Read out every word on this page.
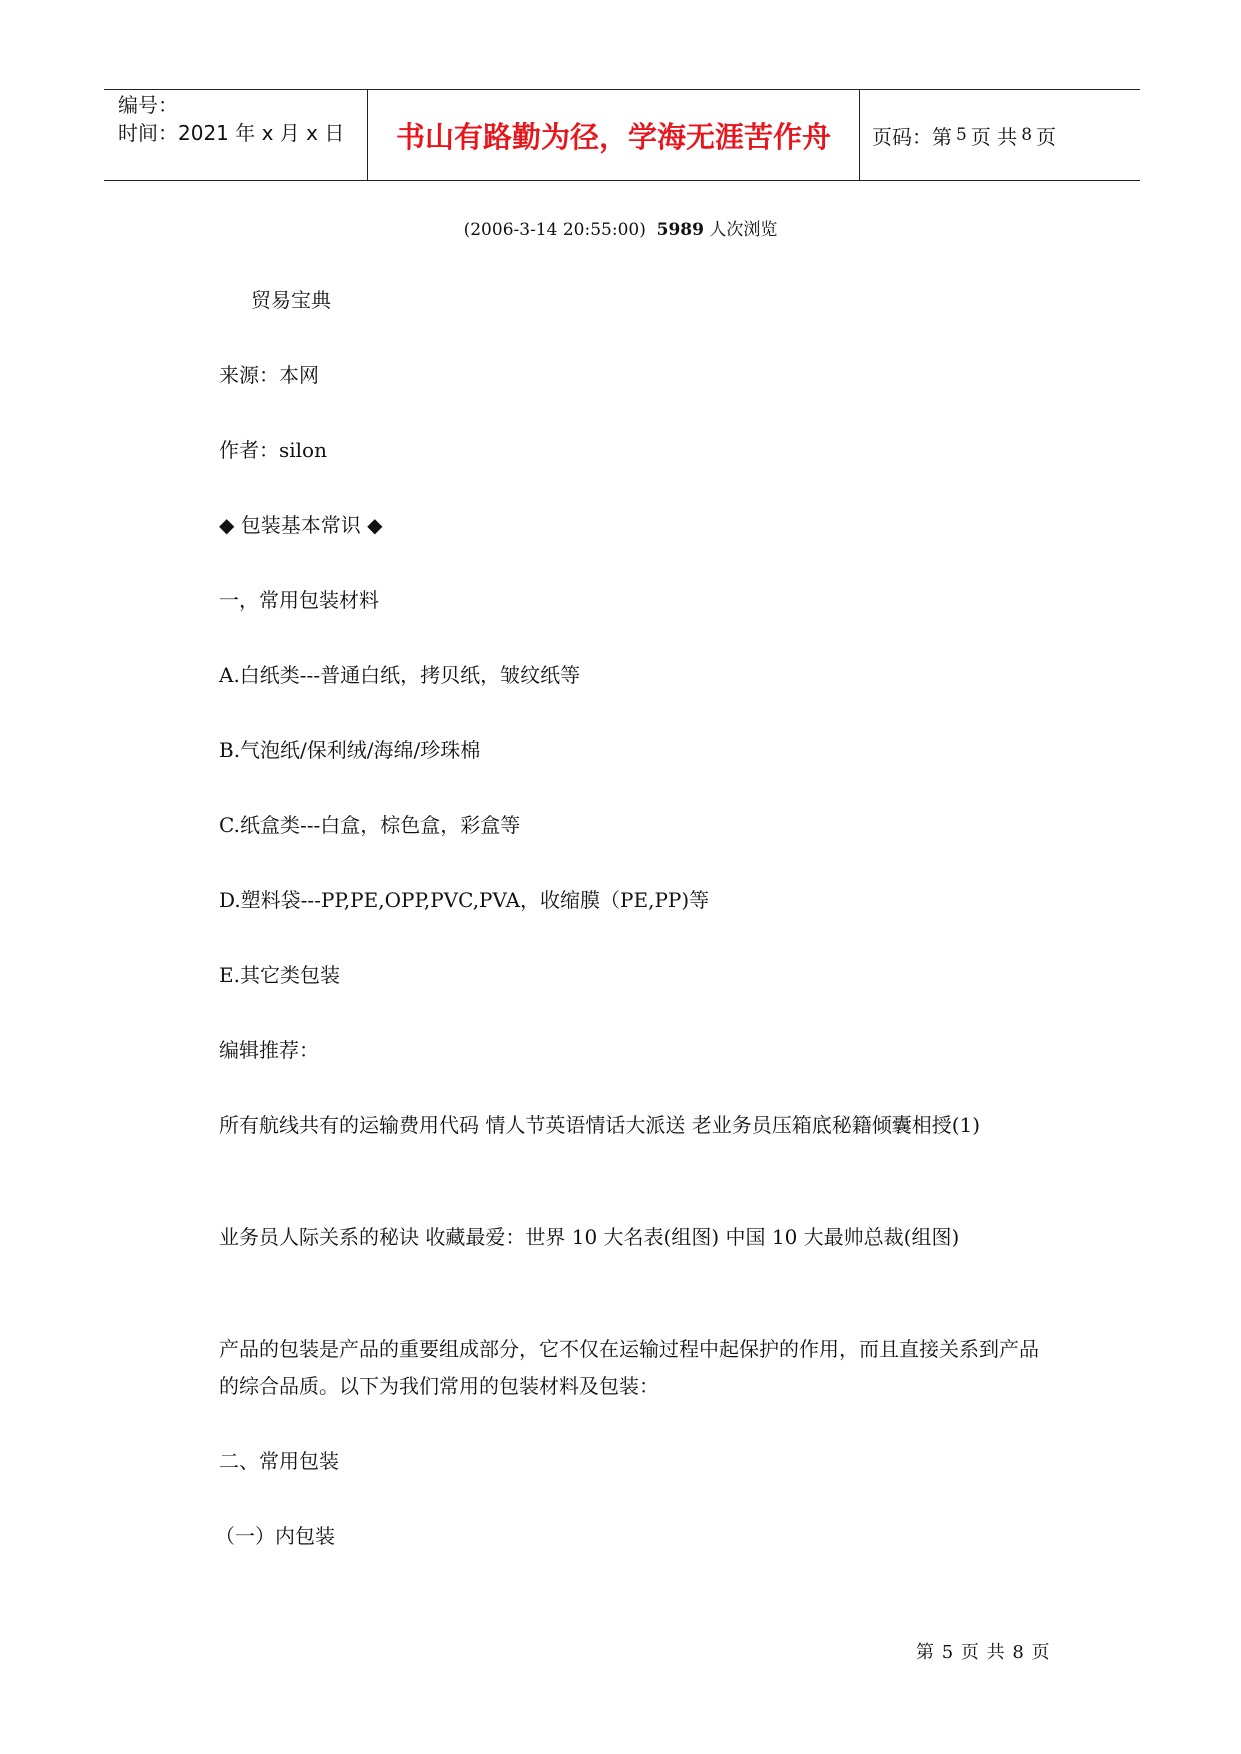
编号：
时间：2021 年 x 月 x 日	书山有路勤为径，学海无涯苦作舟	页码：第 5 页 共 8 页
(2006-3-14 20:55:00) 5989 人次浏览
贸易宝典
来源：本网
作者：silon
◆ 包装基本常识 ◆
一，常用包装材料
A.白纸类---普通白纸，拷贝纸，皱纹纸等
B.气泡纸/保利绒/海绵/珍珠棉
C.纸盒类---白盒，棕色盒，彩盒等
D.塑料袋---PP,PE,OPP,PVC,PVA，收缩膜（PE,PP)等
E.其它类包装
编辑推荐：
所有航线共有的运输费用代码 情人节英语情话大派送 老业务员压箱底秘籍倾囊相授(1)
业务员人际关系的秘诀 收藏最爱：世界 10 大名表(组图) 中国 10 大最帅总裁(组图)
产品的包装是产品的重要组成部分，它不仅在运输过程中起保护的作用，而且直接关系到产品的综合品质。以下为我们常用的包装材料及包装：
二、常用包装
（一）内包装
第 5 页 共 8 页
